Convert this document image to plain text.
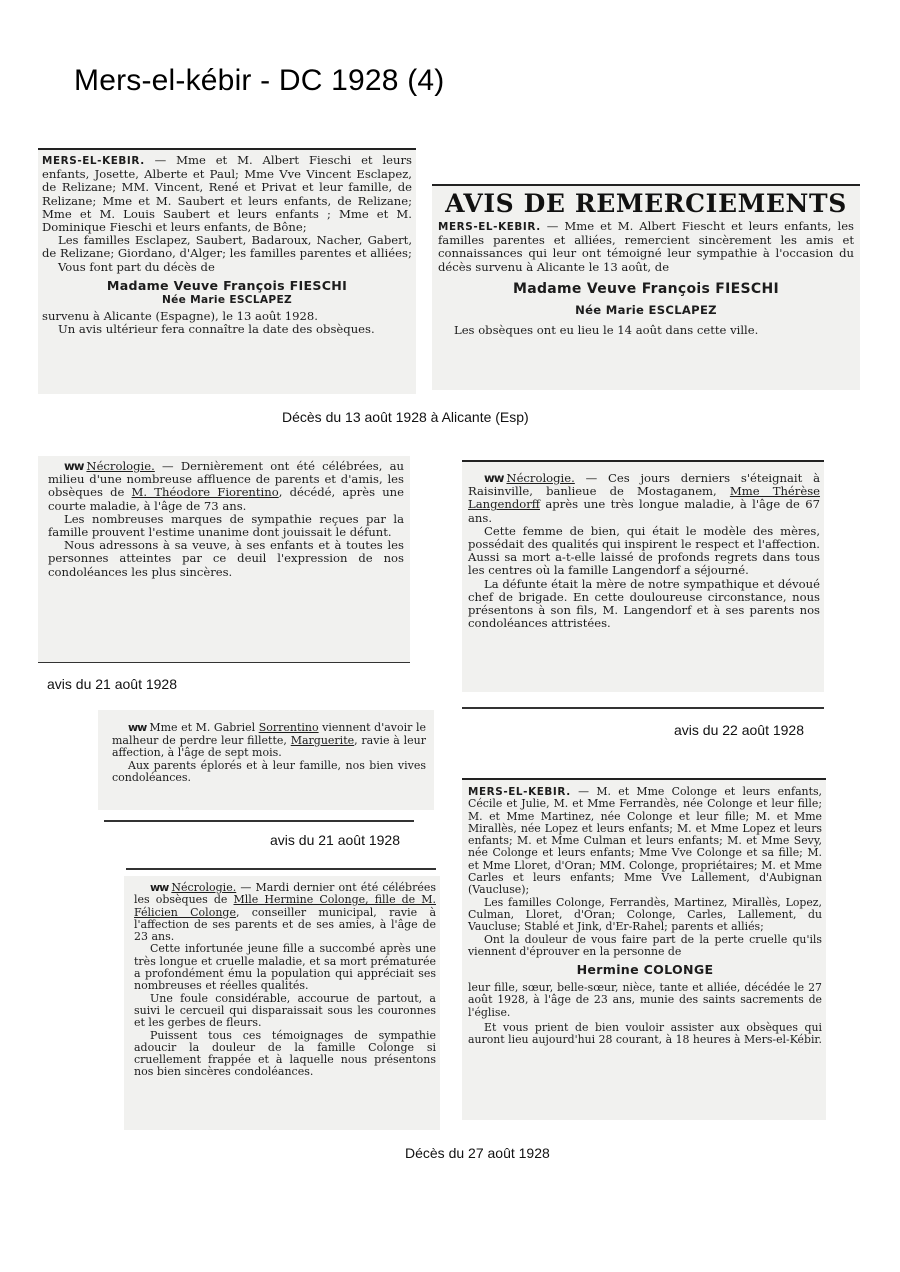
Mers-el-kébir - DC 1928 (4)

MERS-EL-KEBIR. — Mme et M. Albert Fieschi et leurs enfants, Josette, Alberte et Paul; Mme Vve Vincent Esclapez, de Relizane; MM. Vincent, René et Privat et leur famille, de Relizane; Mme et M. Saubert et leurs enfants, de Relizane; Mme et M. Louis Saubert et leurs enfants ; Mme et M. Dominique Fieschi et leurs enfants, de Bône;

Les familles Esclapez, Saubert, Badaroux, Nacher, Gabert, de Relizane; Giordano, d'Alger; les familles parentes et alliées;

Vous font part du décès de

Madame Veuve François FIESCHI

Née Marie ESCLAPEZ

survenu à Alicante (Espagne), le 13 août 1928.

Un avis ultérieur fera connaître la date des obsèques.

AVIS DE REMERCIEMENTS

MERS-EL-KEBIR. — Mme et M. Albert Fiescht et leurs enfants, les familles parentes et alliées, remercient sincèrement les amis et connaissances qui leur ont témoigné leur sympathie à l'occasion du décès survenu à Alicante le 13 août, de

Madame Veuve François FIESCHI

Née Marie ESCLAPEZ

Les obsèques ont eu lieu le 14 août dans cette ville.

Décès du 13 août 1928 à Alicante (Esp)

ᴡᴡ Nécrologie. — Dernièrement ont été célébrées, au milieu d'une nombreuse affluence de parents et d'amis, les obsèques de M. Théodore Fiorentino, décédé, après une courte maladie, à l'âge de 73 ans.

Les nombreuses marques de sympathie reçues par la famille prouvent l'estime unanime dont jouissait le défunt.

Nous adressons à sa veuve, à ses enfants et à toutes les personnes atteintes par ce deuil l'expression de nos condoléances les plus sincères.

avis du 21 août 1928

ᴡᴡ Nécrologie. — Ces jours derniers s'éteignait à Raisinville, banlieue de Mostaganem, Mme Thérèse Langendorff après une très longue maladie, à l'âge de 67 ans.

Cette femme de bien, qui était le modèle des mères, possédait des qualités qui inspirent le respect et l'affection. Aussi sa mort a-t-elle laissé de profonds regrets dans tous les centres où la famille Langendorf a séjourné.

La défunte était la mère de notre sympathique et dévoué chef de brigade. En cette douloureuse circonstance, nous présentons à son fils, M. Langendorf et à ses parents nos condoléances attristées.

avis du 22 août 1928

ᴡᴡ Mme et M. Gabriel Sorrentino viennent d'avoir le malheur de perdre leur fillette, Marguerite, ravie à leur affection, à l'âge de sept mois.

Aux parents éplorés et à leur famille, nos bien vives condoléances.

avis du 21 août 1928

ᴡᴡ Nécrologie. — Mardi dernier ont été célébrées les obsèques de Mlle Hermine Colonge, fille de M. Félicien Colonge, conseiller municipal, ravie à l'affection de ses parents et de ses amies, à l'âge de 23 ans.

Cette infortunée jeune fille a succombé après une très longue et cruelle maladie, et sa mort prématurée a profondément ému la population qui appréciait ses nombreuses et réelles qualités.

Une foule considérable, accourue de partout, a suivi le cercueil qui disparaissait sous les couronnes et les gerbes de fleurs.

Puissent tous ces témoignages de sympathie adoucir la douleur de la famille Colonge si cruellement frappée et à laquelle nous présentons nos bien sincères condoléances.

MERS-EL-KEBIR. — M. et Mme Colonge et leurs enfants, Cécile et Julie, M. et Mme Ferrandès, née Colonge et leur fille; M. et Mme Martinez, née Colonge et leur fille; M. et Mme Mirallès, née Lopez et leurs enfants; M. et Mme Lopez et leurs enfants; M. et Mme Culman et leurs enfants; M. et Mme Sevy, née Colonge et leurs enfants; Mme Vve Colonge et sa fille; M. et Mme Lloret, d'Oran; MM. Colonge, propriétaires; M. et Mme Carles et leurs enfants; Mme Vve Lallement, d'Aubignan (Vaucluse);

Les familles Colonge, Ferrandès, Martinez, Mirallès, Lopez, Culman, Lloret, d'Oran; Colonge, Carles, Lallement, du Vaucluse; Stablé et Jink, d'Er-Rahel; parents et alliés;

Ont la douleur de vous faire part de la perte cruelle qu'ils viennent d'éprouver en la personne de

Hermine COLONGE

leur fille, sœur, belle-sœur, nièce, tante et alliée, décédée le 27 août 1928, à l'âge de 23 ans, munie des saints sacrements de l'église.

Et vous prient de bien vouloir assister aux obsèques qui auront lieu aujourd'hui 28 courant, à 18 heures à Mers-el-Kébir.

Décès du 27 août 1928
